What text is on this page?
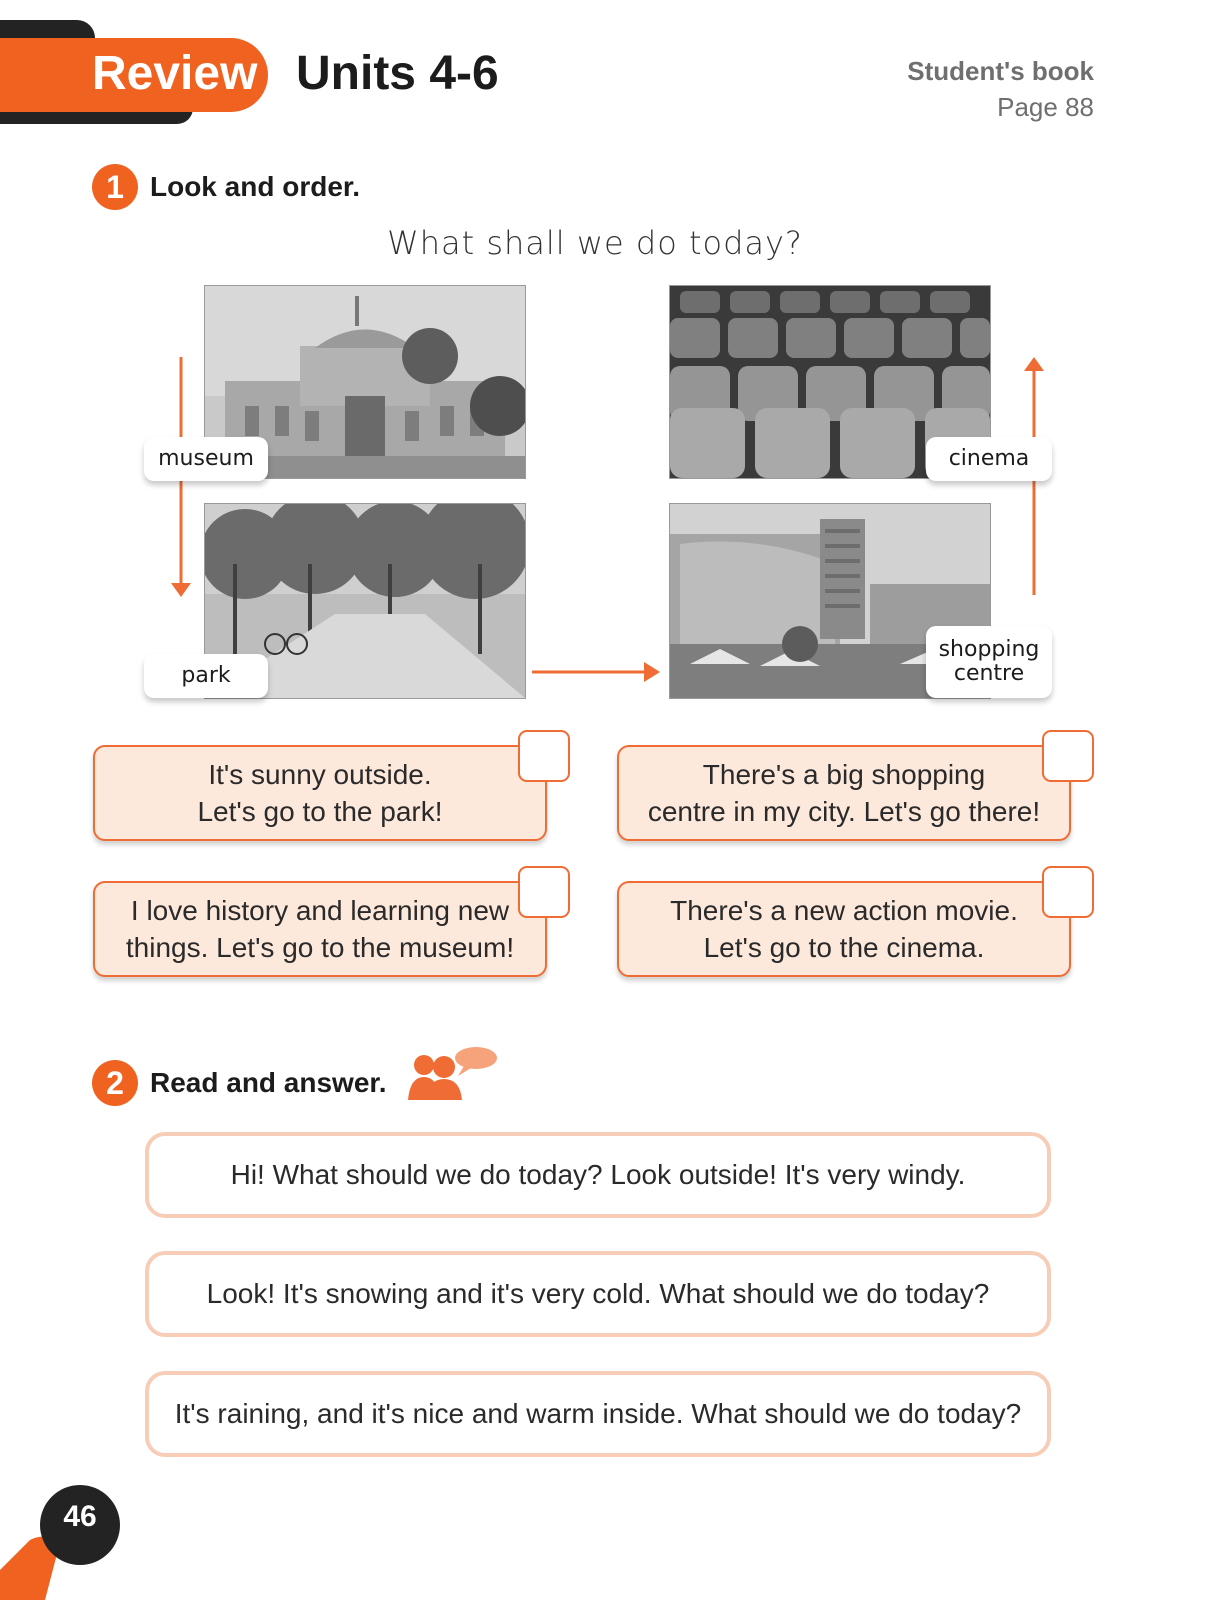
Review Units 4-6	Student's book
Page 88
1 Look and order.
What shall we do today?
museum
park
cinema
shopping
centre
It's sunny outside.
Let's go to the park!
There's a big shopping
centre in my city. Let's go there!
I love history and learning new
things. Let's go to the museum!
There's a new action movie.
Let's go to the cinema.
2 Read and answer.
Hi! What should we do today? Look outside! It's very windy.
Look! It's snowing and it's very cold. What should we do today?
It's raining, and it's nice and warm inside. What should we do today?
46
